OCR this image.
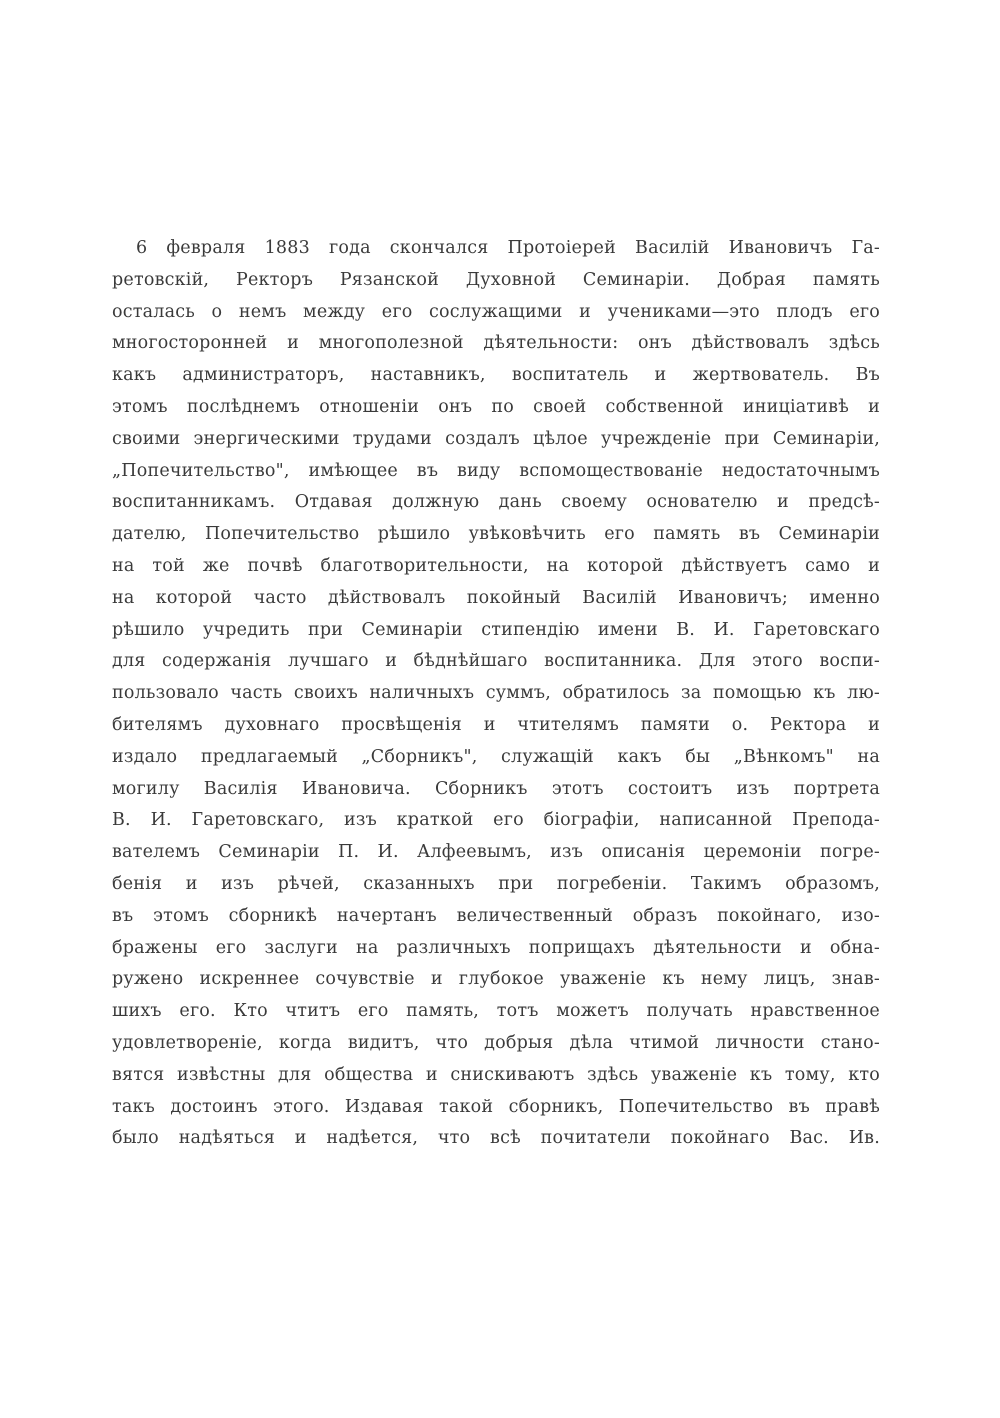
6 февраля 1883 года скончался Протоіерей Василій Ивановичъ Га-
ретовскій, Ректоръ Рязанской Духовной Семинаріи. Добрая память
осталась о немъ между его сослужащими и учениками—это плодъ его
многосторонней и многополезной дѣятельности: онъ дѣйствовалъ здѣсь
какъ администраторъ, наставникъ, воспитатель и жертвователь. Въ
этомъ послѣднемъ отношеніи онъ по своей собственной иниціативѣ и
своими энергическими трудами создалъ цѣлое учрежденіе при Семинаріи,
„Попечительство", имѣющее въ виду вспомоществованіе недостаточнымъ
воспитанникамъ. Отдавая должную дань своему основателю и предсѣ-
дателю, Попечительство рѣшило увѣковѣчить его память въ Семинаріи
на той же почвѣ благотворительности, на которой дѣйствуетъ само и
на которой часто дѣйствовалъ покойный Василій Ивановичъ; именно
рѣшило учредить при Семинаріи стипендію имени В. И. Гаретовскаго
для содержанія лучшаго и бѣднѣйшаго воспитанника. Для этого воспи-
пользовало часть своихъ наличныхъ суммъ, обратилось за помощью къ лю-
бителямъ духовнаго просвѣщенія и чтителямъ памяти о. Ректора и
издало предлагаемый „Сборникъ", служащій какъ бы „Вѣнкомъ" на
могилу Василія Ивановича. Сборникъ этотъ состоитъ изъ портрета
В. И. Гаретовскаго, изъ краткой его біографіи, написанной Препода-
вателемъ Семинаріи П. И. Алфеевымъ, изъ описанія церемоніи погре-
бенія и изъ рѣчей, сказанныхъ при погребеніи. Такимъ образомъ,
въ этомъ сборникѣ начертанъ величественный образъ покойнаго, изо-
бражены его заслуги на различныхъ поприщахъ дѣятельности и обна-
ружено искреннее сочувствіе и глубокое уваженіе къ нему лицъ, знав-
шихъ его. Кто чтитъ его память, тотъ можетъ получать нравственное
удовлетвореніе, когда видитъ, что добрыя дѣла чтимой личности стано-
вятся извѣстны для общества и снискиваютъ здѣсь уваженіе къ тому, кто
такъ достоинъ этого. Издавая такой сборникъ, Попечительство въ правѣ
было надѣяться и надѣется, что всѣ почитатели покойнаго Вас. Ив.
